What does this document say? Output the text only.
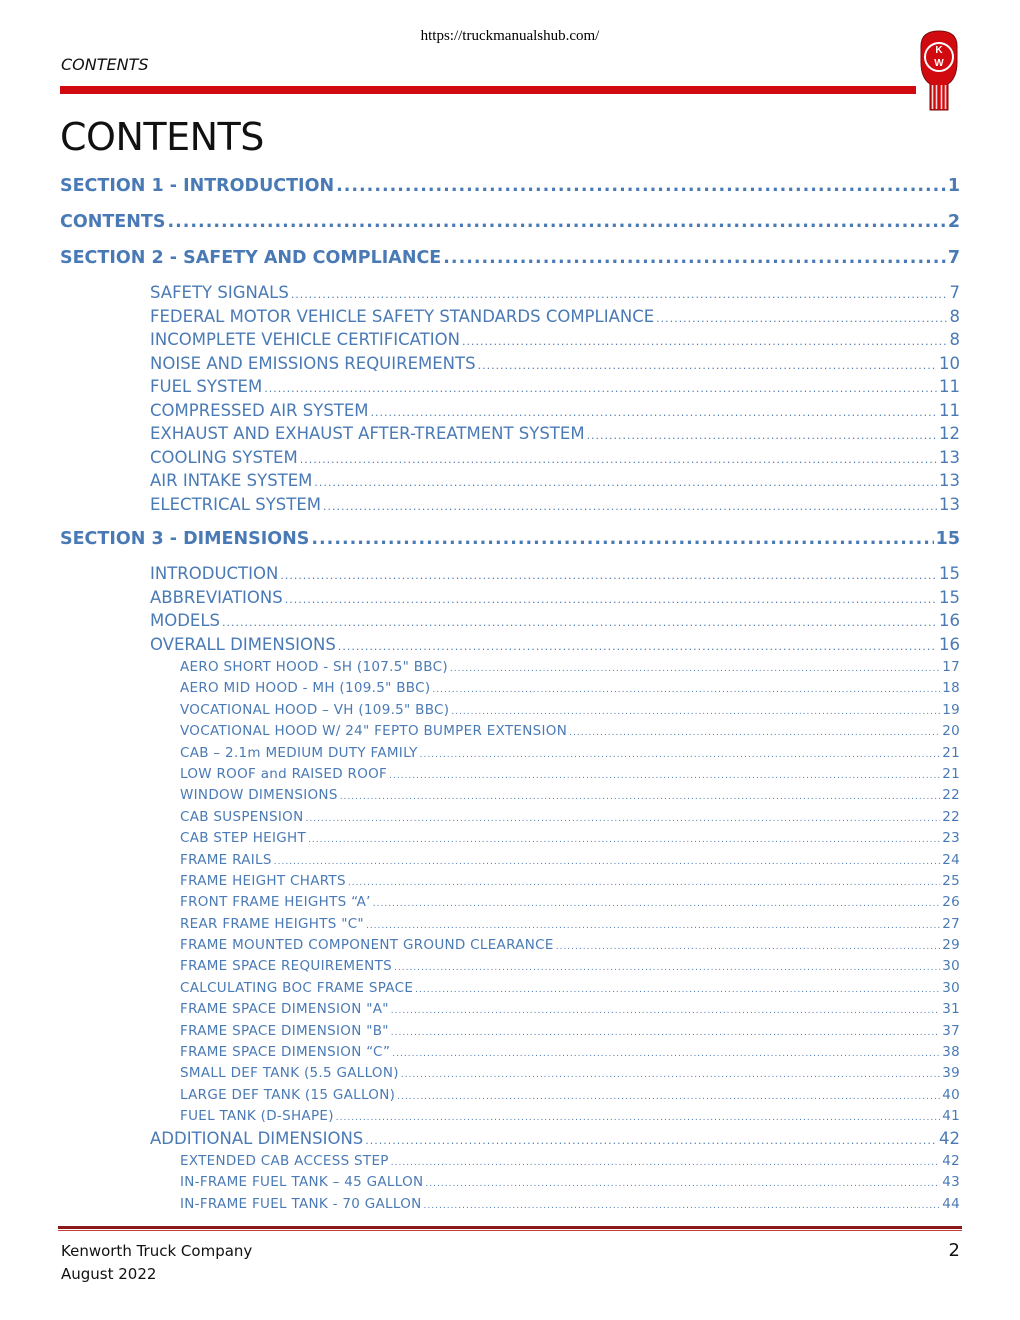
https://truckmanualshub.com/
CONTENTS
K
W
CONTENTS
SECTION 1 - INTRODUCTION .....	1
CONTENTS .....	2
SECTION 2 - SAFETY AND COMPLIANCE .....	7
SAFETY SIGNALS .....	7
FEDERAL MOTOR VEHICLE SAFETY STANDARDS COMPLIANCE .....	8
INCOMPLETE VEHICLE CERTIFICATION .....	8
NOISE AND EMISSIONS REQUIREMENTS .....	10
FUEL SYSTEM .....	11
COMPRESSED AIR SYSTEM .....	11
EXHAUST AND EXHAUST AFTER-TREATMENT SYSTEM .....	12
COOLING SYSTEM .....	13
AIR INTAKE SYSTEM .....	13
ELECTRICAL SYSTEM .....	13
SECTION 3 - DIMENSIONS .....	15
INTRODUCTION .....	15
ABBREVIATIONS .....	15
MODELS .....	16
OVERALL DIMENSIONS .....	16
AERO SHORT HOOD - SH (107.5" BBC) .....	17
AERO MID HOOD - MH (109.5" BBC) .....	18
VOCATIONAL HOOD – VH (109.5" BBC) .....	19
VOCATIONAL HOOD W/ 24" FEPTO BUMPER EXTENSION .....	20
CAB – 2.1m MEDIUM DUTY FAMILY .....	21
LOW ROOF and RAISED ROOF .....	21
WINDOW DIMENSIONS .....	22
CAB SUSPENSION .....	22
CAB STEP HEIGHT .....	23
FRAME RAILS .....	24
FRAME HEIGHT CHARTS .....	25
FRONT FRAME HEIGHTS “A’ .....	26
REAR FRAME HEIGHTS "C" .....	27
FRAME MOUNTED COMPONENT GROUND CLEARANCE .....	29
FRAME SPACE REQUIREMENTS .....	30
CALCULATING BOC FRAME SPACE .....	30
FRAME SPACE DIMENSION "A" .....	31
FRAME SPACE DIMENSION "B" .....	37
FRAME SPACE DIMENSION “C” .....	38
SMALL DEF TANK (5.5 GALLON) .....	39
LARGE DEF TANK (15 GALLON) .....	40
FUEL TANK (D-SHAPE) .....	41
ADDITIONAL DIMENSIONS .....	42
EXTENDED CAB ACCESS STEP .....	42
IN-FRAME FUEL TANK – 45 GALLON .....	43
IN-FRAME FUEL TANK - 70 GALLON .....	44
Kenworth Truck Company
August 2022
2
